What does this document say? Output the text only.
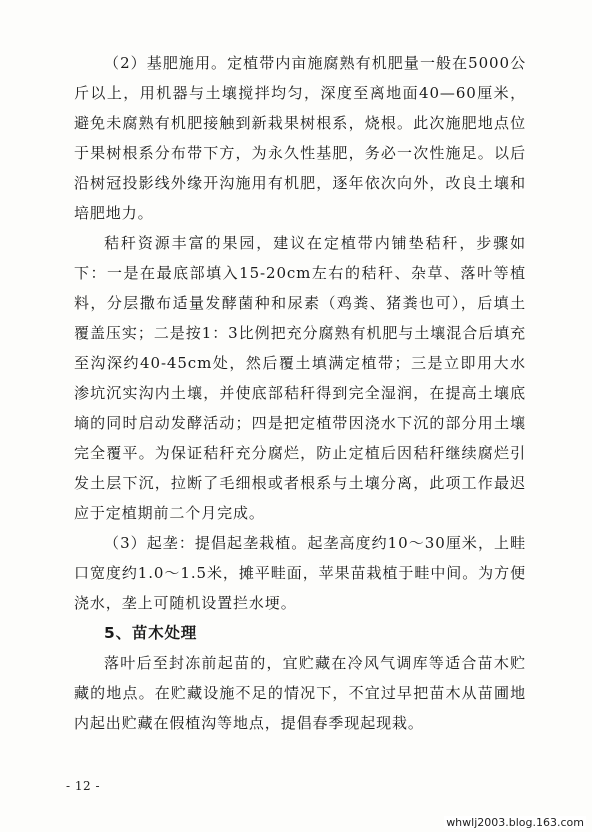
（2）基肥施用。定植带内亩施腐熟有机肥量一般在5000公斤以上，用机器与土壤搅拌均匀，深度至离地面40—60厘米，避免未腐熟有机肥接触到新栽果树根系，烧根。此次施肥地点位于果树根系分布带下方，为永久性基肥，务必一次性施足。以后沿树冠投影线外缘开沟施用有机肥，逐年依次向外，改良土壤和培肥地力。

秸秆资源丰富的果园，建议在定植带内铺垫秸秆，步骤如下：一是在最底部填入15-20cm左右的秸秆、杂草、落叶等植料，分层撒布适量发酵菌种和尿素（鸡粪、猪粪也可），后填土覆盖压实；二是按1：3比例把充分腐熟有机肥与土壤混合后填充至沟深约40-45cm处，然后覆土填满定植带；三是立即用大水渗坑沉实沟内土壤，并使底部秸秆得到完全湿润，在提高土壤底墒的同时启动发酵活动；四是把定植带因浇水下沉的部分用土壤完全覆平。为保证秸秆充分腐烂，防止定植后因秸秆继续腐烂引发土层下沉，拉断了毛细根或者根系与土壤分离，此项工作最迟应于定植期前二个月完成。

（3）起垄：提倡起垄栽植。起垄高度约10～30厘米，上畦口宽度约1.0～1.5米，摊平畦面，苹果苗栽植于畦中间。为方便浇水，垄上可随机设置拦水埂。

5、苗木处理

落叶后至封冻前起苗的，宜贮藏在冷风气调库等适合苗木贮藏的地点。在贮藏设施不足的情况下，不宜过早把苗木从苗圃地内起出贮藏在假植沟等地点，提倡春季现起现栽。

- 12 -
whwlj2003.blog.163.com
